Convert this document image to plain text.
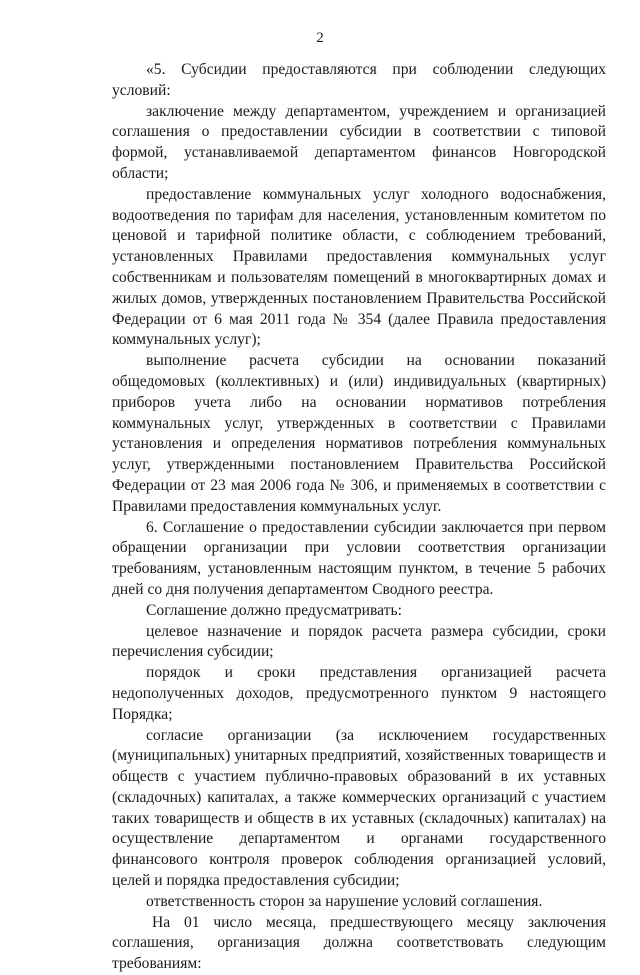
2

«5. Субсидии предоставляются при соблюдении следующих условий:

заключение между департаментом, учреждением и организацией соглашения о предоставлении субсидии в соответствии с типовой формой, устанавливаемой департаментом финансов Новгородской области;

предоставление коммунальных услуг холодного водоснабжения, водоотведения по тарифам для населения, установленным комитетом по ценовой и тарифной политике области, с соблюдением требований, установленных Правилами предоставления коммунальных услуг собственникам и пользователям помещений в многоквартирных домах и жилых домов, утвержденных постановлением Правительства Российской Федерации от 6 мая 2011 года № 354 (далее Правила предоставления коммунальных услуг);

выполнение расчета субсидии на основании показаний общедомовых (коллективных) и (или) индивидуальных (квартирных) приборов учета либо на основании нормативов потребления коммунальных услуг, утвержденных в соответствии с Правилами установления и определения нормативов потребления коммунальных услуг, утвержденными постановлением Правительства Российской Федерации от 23 мая 2006 года № 306, и применяемых в соответствии с Правилами предоставления коммунальных услуг.

6. Соглашение о предоставлении субсидии заключается при первом обращении организации при условии соответствия организации требованиям, установленным настоящим пунктом, в течение 5 рабочих дней со дня получения департаментом Сводного реестра.

Соглашение должно предусматривать:

целевое назначение и порядок расчета размера субсидии, сроки перечисления субсидии;

порядок и сроки представления организацией расчета недополученных доходов, предусмотренного пунктом 9 настоящего Порядка;

согласие организации (за исключением государственных (муниципальных) унитарных предприятий, хозяйственных товариществ и обществ с участием публично-правовых образований в их уставных (складочных) капиталах, а также коммерческих организаций с участием таких товариществ и обществ в их уставных (складочных) капиталах) на осуществление департаментом и органами государственного финансового контроля проверок соблюдения организацией условий, целей и порядка предоставления субсидии;

ответственность сторон за нарушение условий соглашения.

На 01 число месяца, предшествующего месяцу заключения соглашения, организация должна соответствовать следующим требованиям:
